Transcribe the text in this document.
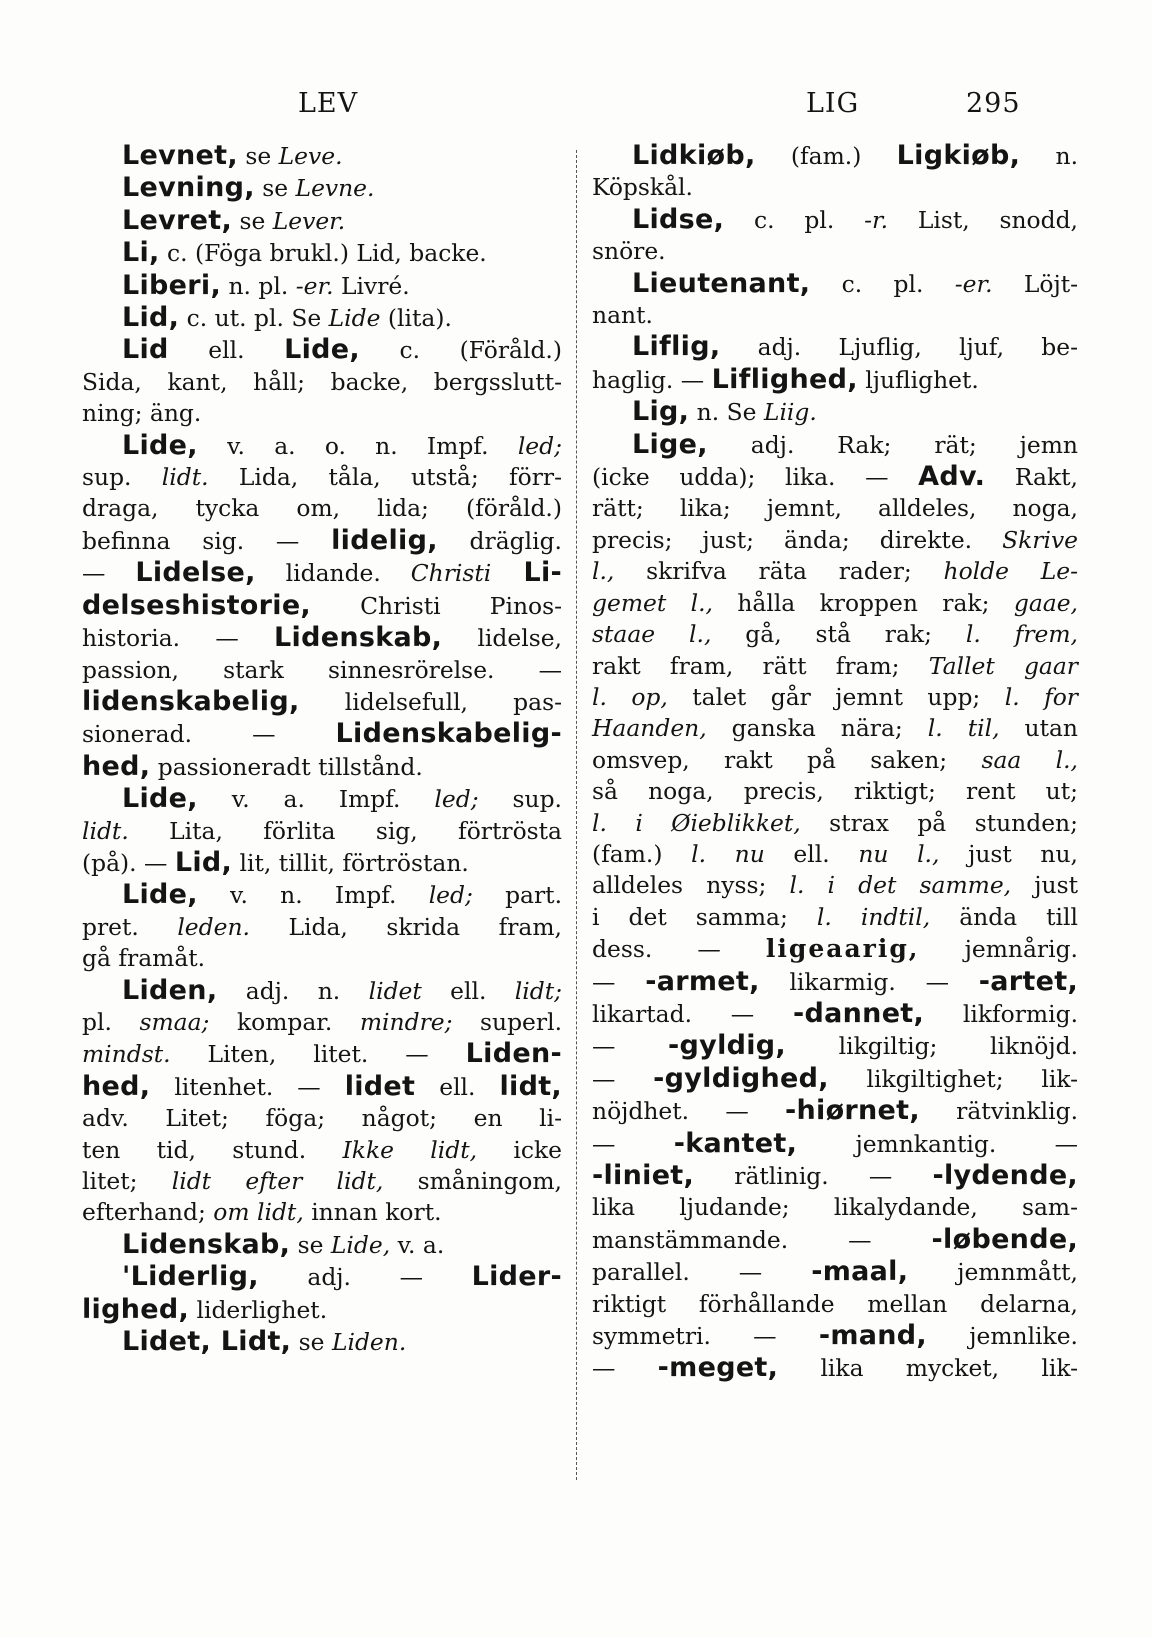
LEV	LIG	295
Levnet, se Leve.
Levning, se Levne.
Levret, se Lever.
Li, c. (Föga brukl.) Lid, backe.
Liberi, n. pl. -er. Livré.
Lid, c. ut. pl. Se Lide (lita).
Lid ell. Lide, c. (Föråld.)
Sida, kant, håll; backe, bergsslutt-
ning; äng.
Lide, v. a. o. n. Impf. led;
sup. lidt. Lida, tåla, utstå; förr-
draga, tycka om, lida; (föråld.)
befinna sig. — lidelig, dräglig.
— Lidelse, lidande. Christi Li-
delseshistorie, Christi Pinos-
historia. — Lidenskab, lidelse,
passion, stark sinnesrörelse. —
lidenskabelig, lidelsefull, pas-
sionerad. — Lidenskabelig-
hed, passioneradt tillstånd.
Lide, v. a. Impf. led; sup.
lidt. Lita, förlita sig, förtrösta
(på). — Lid, lit, tillit, förtröstan.
Lide, v. n. Impf. led; part.
pret. leden. Lida, skrida fram,
gå framåt.
Liden, adj. n. lidet ell. lidt;
pl. smaa; kompar. mindre; superl.
mindst. Liten, litet. — Liden-
hed, litenhet. — lidet ell. lidt,
adv. Litet; föga; något; en li-
ten tid, stund. Ikke lidt, icke
litet; lidt efter lidt, småningom,
efterhand; om lidt, innan kort.
Lidenskab, se Lide, v. a.
'Liderlig, adj. — Lider-
lighed, liderlighet.
Lidet, Lidt, se Liden.
Lidkiøb, (fam.) Ligkiøb, n.
Köpskål.
Lidse, c. pl. -r. List, snodd,
snöre.
Lieutenant, c. pl. -er. Löjt-
nant.
Liflig, adj. Ljuflig, ljuf, be-
haglig. — Liflighed, ljuflighet.
Lig, n. Se Liig.
Lige, adj. Rak; rät; jemn
(icke udda); lika. — Adv. Rakt,
rätt; lika; jemnt, alldeles, noga,
precis; just; ända; direkte. Skrive
l., skrifva räta rader; holde Le-
gemet l., hålla kroppen rak; gaae,
staae l., gå, stå rak; l. frem,
rakt fram, rätt fram; Tallet gaar
l. op, talet går jemnt upp; l. for
Haanden, ganska nära; l. til, utan
omsvep, rakt på saken; saa l.,
så noga, precis, riktigt; rent ut;
l. i Øieblikket, strax på stunden;
(fam.) l. nu ell. nu l., just nu,
alldeles nyss; l. i det samme, just
i det samma; l. indtil, ända till
dess. — ligeaarig, jemnårig.
— -armet, likarmig. — -artet,
likartad. — -dannet, likformig.
— -gyldig, likgiltig; liknöjd.
— -gyldighed, likgiltighet; lik-
nöjdhet. — -hiørnet, rätvinklig.
— -kantet, jemnkantig. —
-liniet, rätlinig. — -lydende,
lika ljudande; likalydande, sam-
manstämmande. — -løbende,
parallel. — -maal, jemnmått,
riktigt förhållande mellan delarna,
symmetri. — -mand, jemnlike.
— -meget, lika mycket, lik-
